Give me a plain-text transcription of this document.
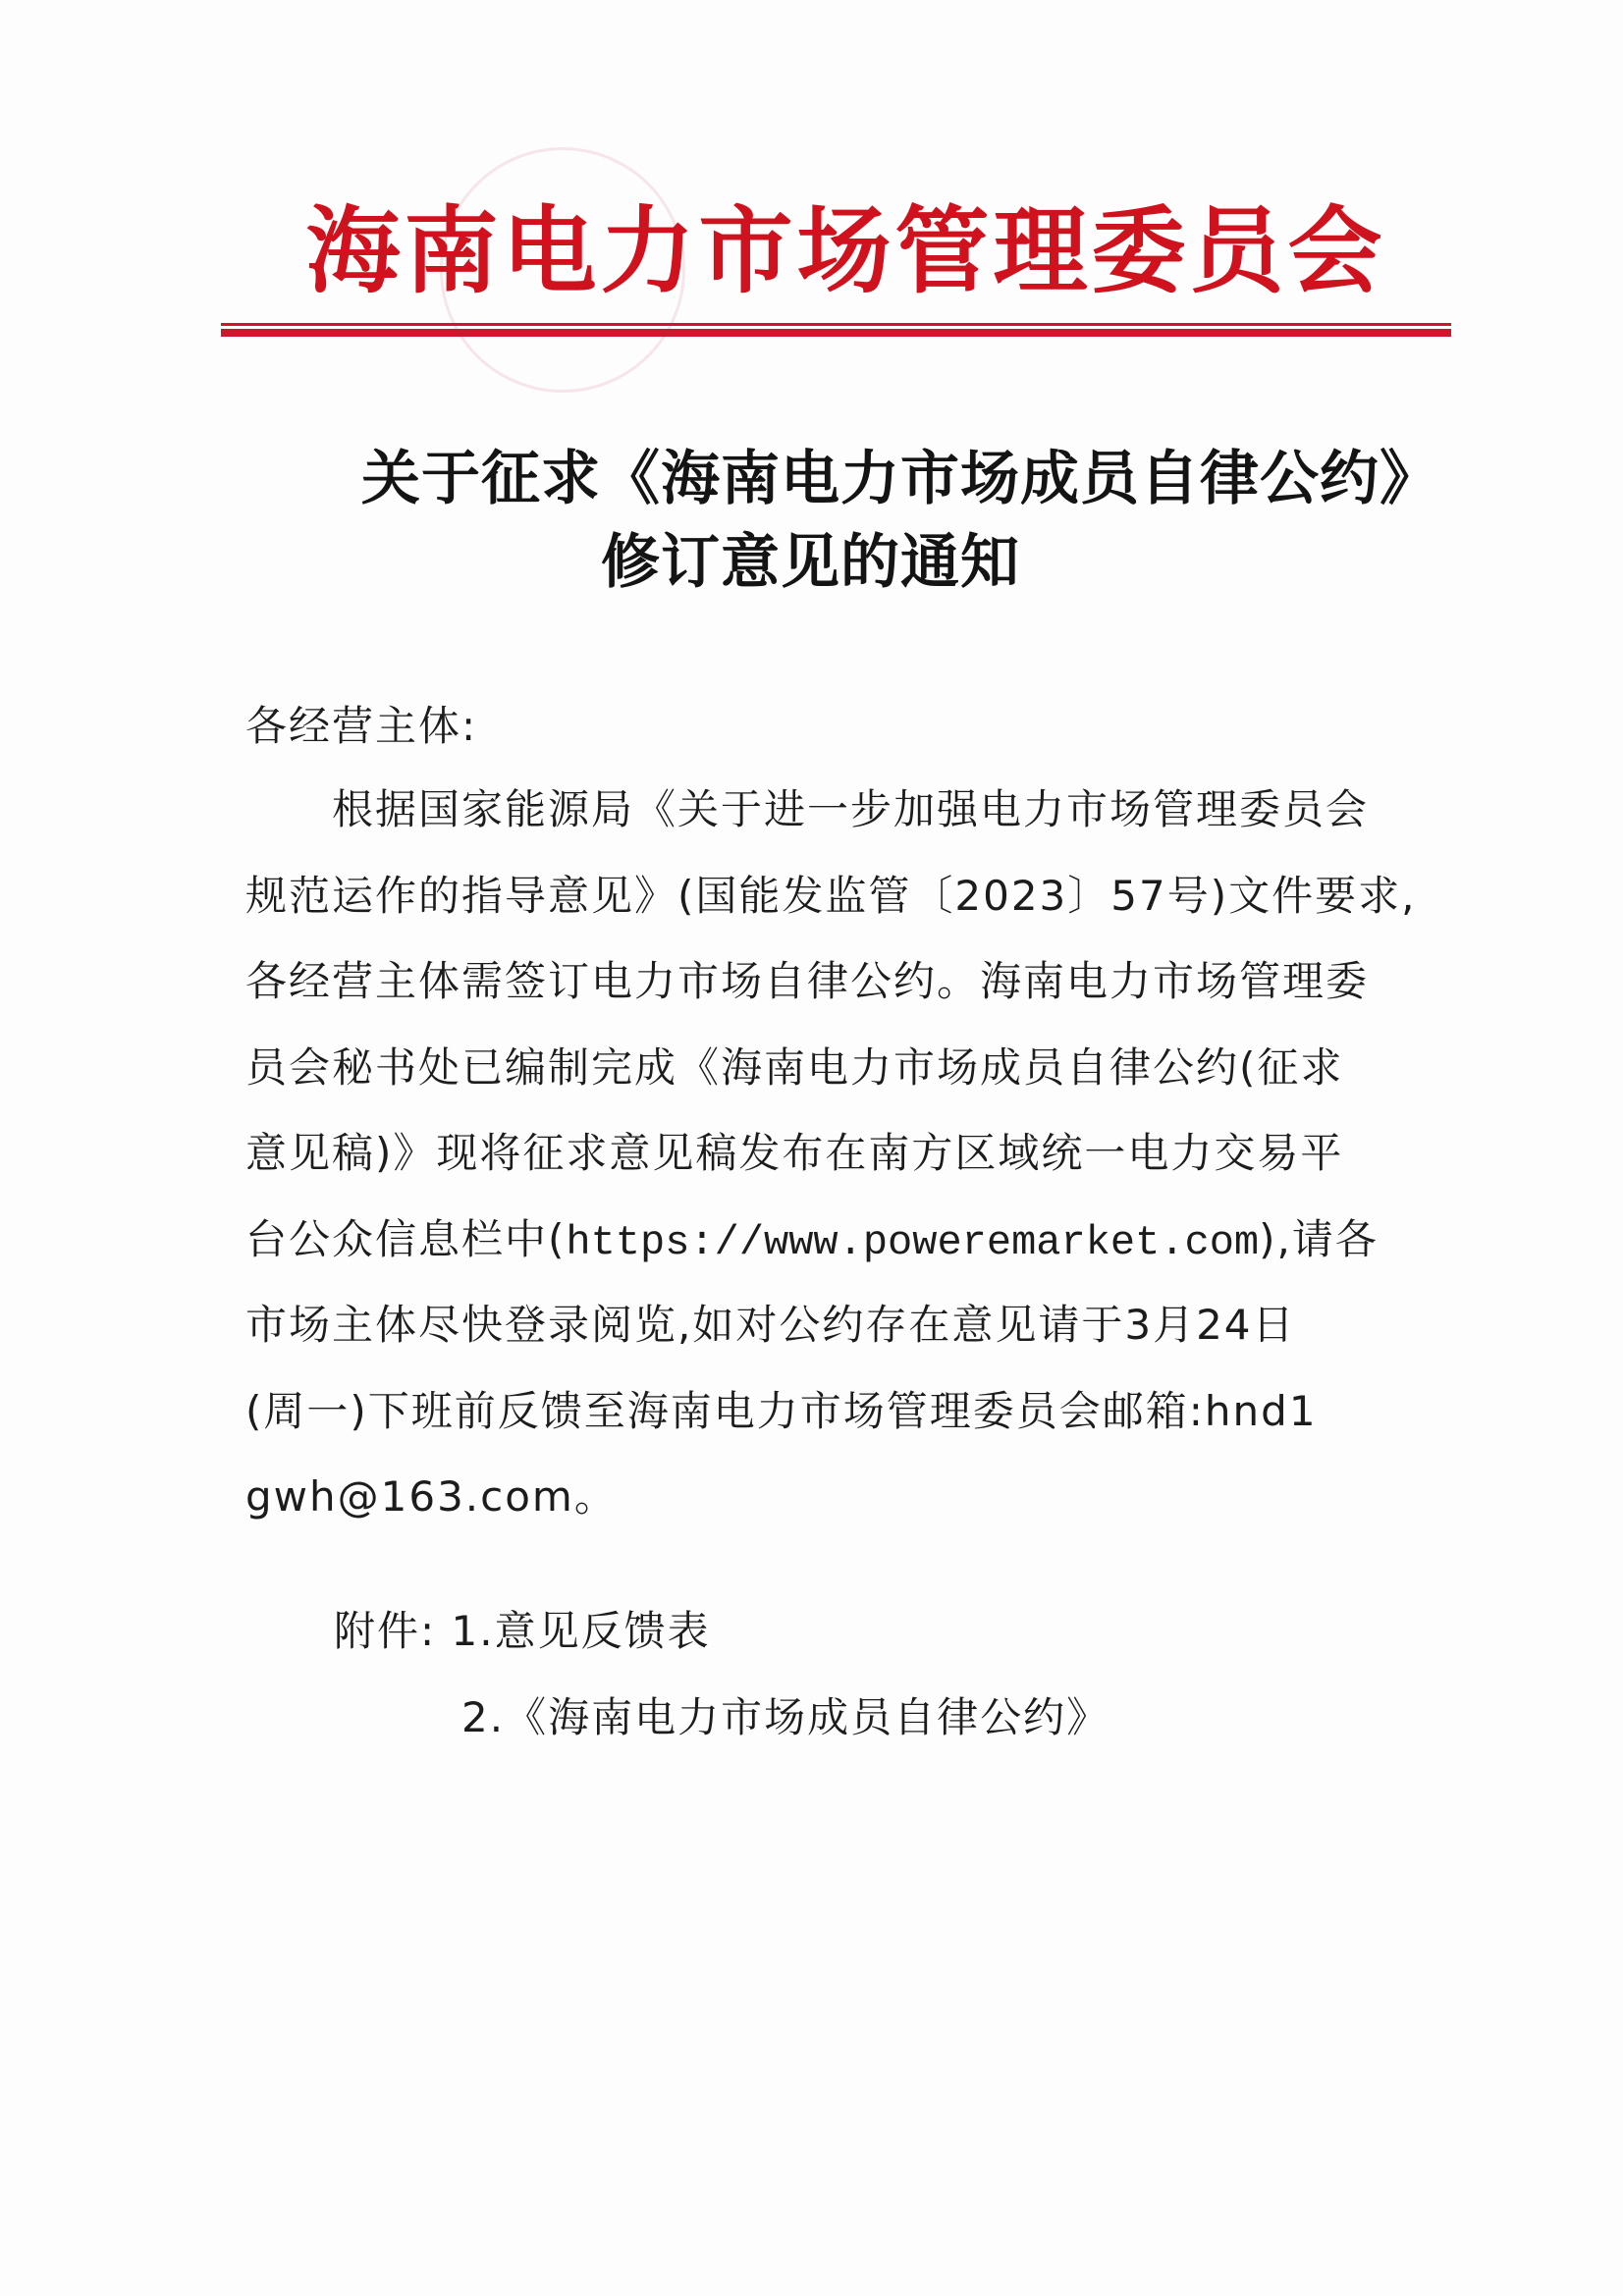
海南电力市场管理委员会
关于征求《海南电力市场成员自律公约》
修订意见的通知
各经营主体:
根据国家能源局《关于进一步加强电力市场管理委员会
规范运作的指导意见》(国能发监管〔2023〕57号)文件要求,
各经营主体需签订电力市场自律公约。海南电力市场管理委
员会秘书处已编制完成《海南电力市场成员自律公约(征求
意见稿)》现将征求意见稿发布在南方区域统一电力交易平
台公众信息栏中(https://www.poweremarket.com),请各
市场主体尽快登录阅览,如对公约存在意见请于3月24日
(周一)下班前反馈至海南电力市场管理委员会邮箱:hnd1
gwh@163.com。
附件: 1.意见反馈表
2.《海南电力市场成员自律公约》
